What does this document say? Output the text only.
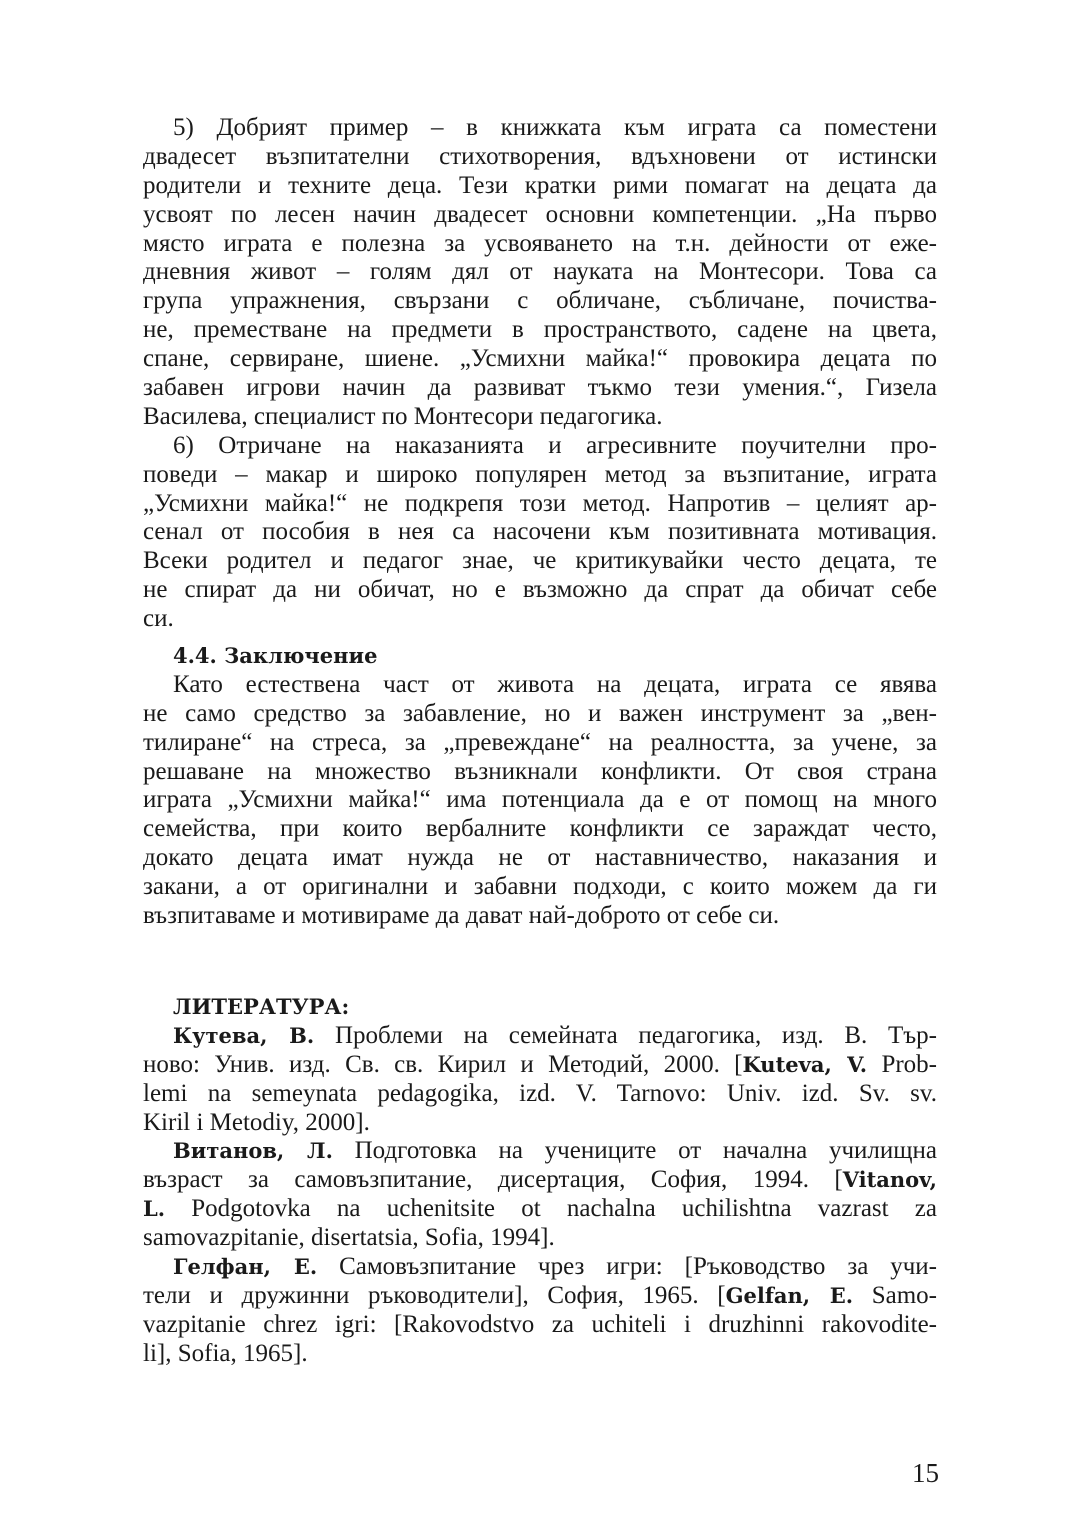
5) Добрият пример – в книжката към играта са поместени
двадесет възпитателни стихотворения, вдъхновени от истински
родители и техните деца. Тези кратки рими помагат на децата да
усвоят по лесен начин двадесет основни компетенции. „На първо
място играта е полезна за усвояването на т.н. дейности от еже-
дневния живот – голям дял от науката на Монтесори. Това са
група упражнения, свързани с обличане, събличане, почиства-
не, преместване на предмети в пространството, садене на цвета,
спане, сервиране, шиене. „Усмихни майка!“ провокира децата по
забавен игрови начин да развиват тъкмо тези умения.“, Гизела
Василева, специалист по Монтесори педагогика.
6) Отричане на наказанията и агресивните поучителни про-
поведи – макар и широко популярен метод за възпитание, играта
„Усмихни майка!“ не подкрепя този метод. Напротив – целият ар-
сенал от пособия в нея са насочени към позитивната мотивация.
Всеки родител и педагог знае, че критикувайки често децата, те
не спират да ни обичат, но е възможно да спрат да обичат себе
си.
4.4. Заключение
Като естествена част от живота на децата, играта се явява
не само средство за забавление, но и важен инструмент за „вен-
тилиране“ на стреса, за „превеждане“ на реалността, за учене, за
решаване на множество възникнали конфликти. От своя страна
играта „Усмихни майка!“ има потенциала да е от помощ на много
семейства, при които вербалните конфликти се зараждат често,
докато децата имат нужда не от наставничество, наказания и
закани, а от оригинални и забавни подходи, с които можем да ги
възпитаваме и мотивираме да дават най-доброто от себе си.
ЛИТЕРАТУРА:
Кутева, В. Проблеми на семейната педагогика, изд. В. Тър-
ново: Унив. изд. Св. св. Кирил и Методий, 2000. [Kuteva, V. Prob-
lemi na semeynata pedagogika, izd. V. Tarnovo: Univ. izd. Sv. sv.
Kiril i Metodiy, 2000].
Витанов, Л. Подготовка на учениците от начална училищна
възраст за самовъзпитание, дисертация, София, 1994. [Vitanov,
L. Podgotovka na uchenitsite ot nachalna uchilishtna vazrast za
samovazpitanie, disertatsia, Sofia, 1994].
Гелфан, Е. Самовъзпитание чрез игри: [Ръководство за учи-
тели и дружинни ръководители], София, 1965. [Gelfan, E. Samo-
vazpitanie chrez igri: [Rakovodstvo za uchiteli i druzhinni rakovodite-
li], Sofia, 1965].
15
